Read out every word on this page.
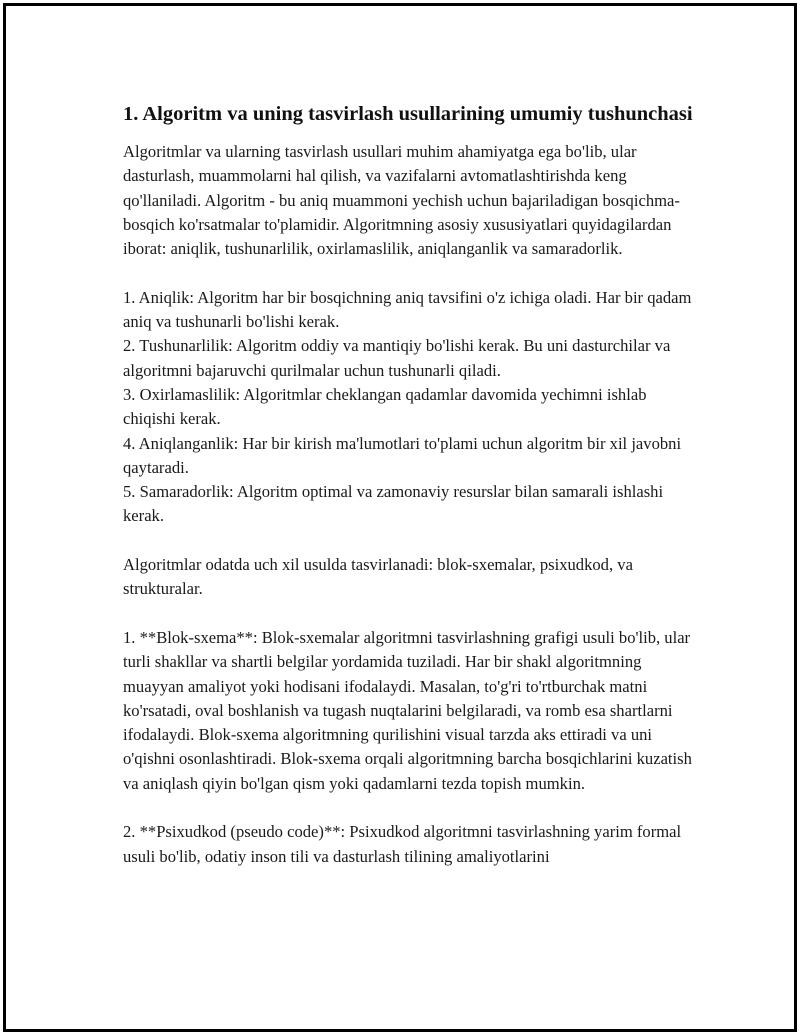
1. Algoritm va uning tasvirlash usullarining umumiy tushunchasi

Algoritmlar va ularning tasvirlash usullari muhim ahamiyatga ega bo'lib, ular dasturlash, muammolarni hal qilish, va vazifalarni avtomatlashtirishda keng qo'llaniladi. Algoritm - bu aniq muammoni yechish uchun bajariladigan bosqichma-bosqich ko'rsatmalar to'plamidir. Algoritmning asosiy xususiyatlari quyidagilardan iborat: aniqlik, tushunarlilik, oxirlamaslilik, aniqlanganlik va samaradorlik.

1. Aniqlik: Algoritm har bir bosqichning aniq tavsifini o'z ichiga oladi. Har bir qadam aniq va tushunarli bo'lishi kerak.
2. Tushunarlilik: Algoritm oddiy va mantiqiy bo'lishi kerak. Bu uni dasturchilar va algoritmni bajaruvchi qurilmalar uchun tushunarli qiladi.
3. Oxirlamaslilik: Algoritmlar cheklangan qadamlar davomida yechimni ishlab chiqishi kerak.
4. Aniqlanganlik: Har bir kirish ma'lumotlari to'plami uchun algoritm bir xil javobni qaytaradi.
5. Samaradorlik: Algoritm optimal va zamonaviy resurslar bilan samarali ishlashi kerak.

Algoritmlar odatda uch xil usulda tasvirlanadi: blok-sxemalar, psixudkod, va strukturalar.

1. **Blok-sxema**: Blok-sxemalar algoritmni tasvirlashning grafigi usuli bo'lib, ular turli shakllar va shartli belgilar yordamida tuziladi. Har bir shakl algoritmning muayyan amaliyot yoki hodisani ifodalaydi. Masalan, to'g'ri to'rtburchak matni ko'rsatadi, oval boshlanish va tugash nuqtalarini belgilaradi, va romb esa shartlarni ifodalaydi. Blok-sxema algoritmning qurilishini visual tarzda aks ettiradi va uni o'qishni osonlashtiradi. Blok-sxema orqali algoritmning barcha bosqichlarini kuzatish va aniqlash qiyin bo'lgan qism yoki qadamlarni tezda topish mumkin.

2. **Psixudkod (pseudo code)**: Psixudkod algoritmni tasvirlashning yarim formal usuli bo'lib, odatiy inson tili va dasturlash tilining amaliyotlarini
